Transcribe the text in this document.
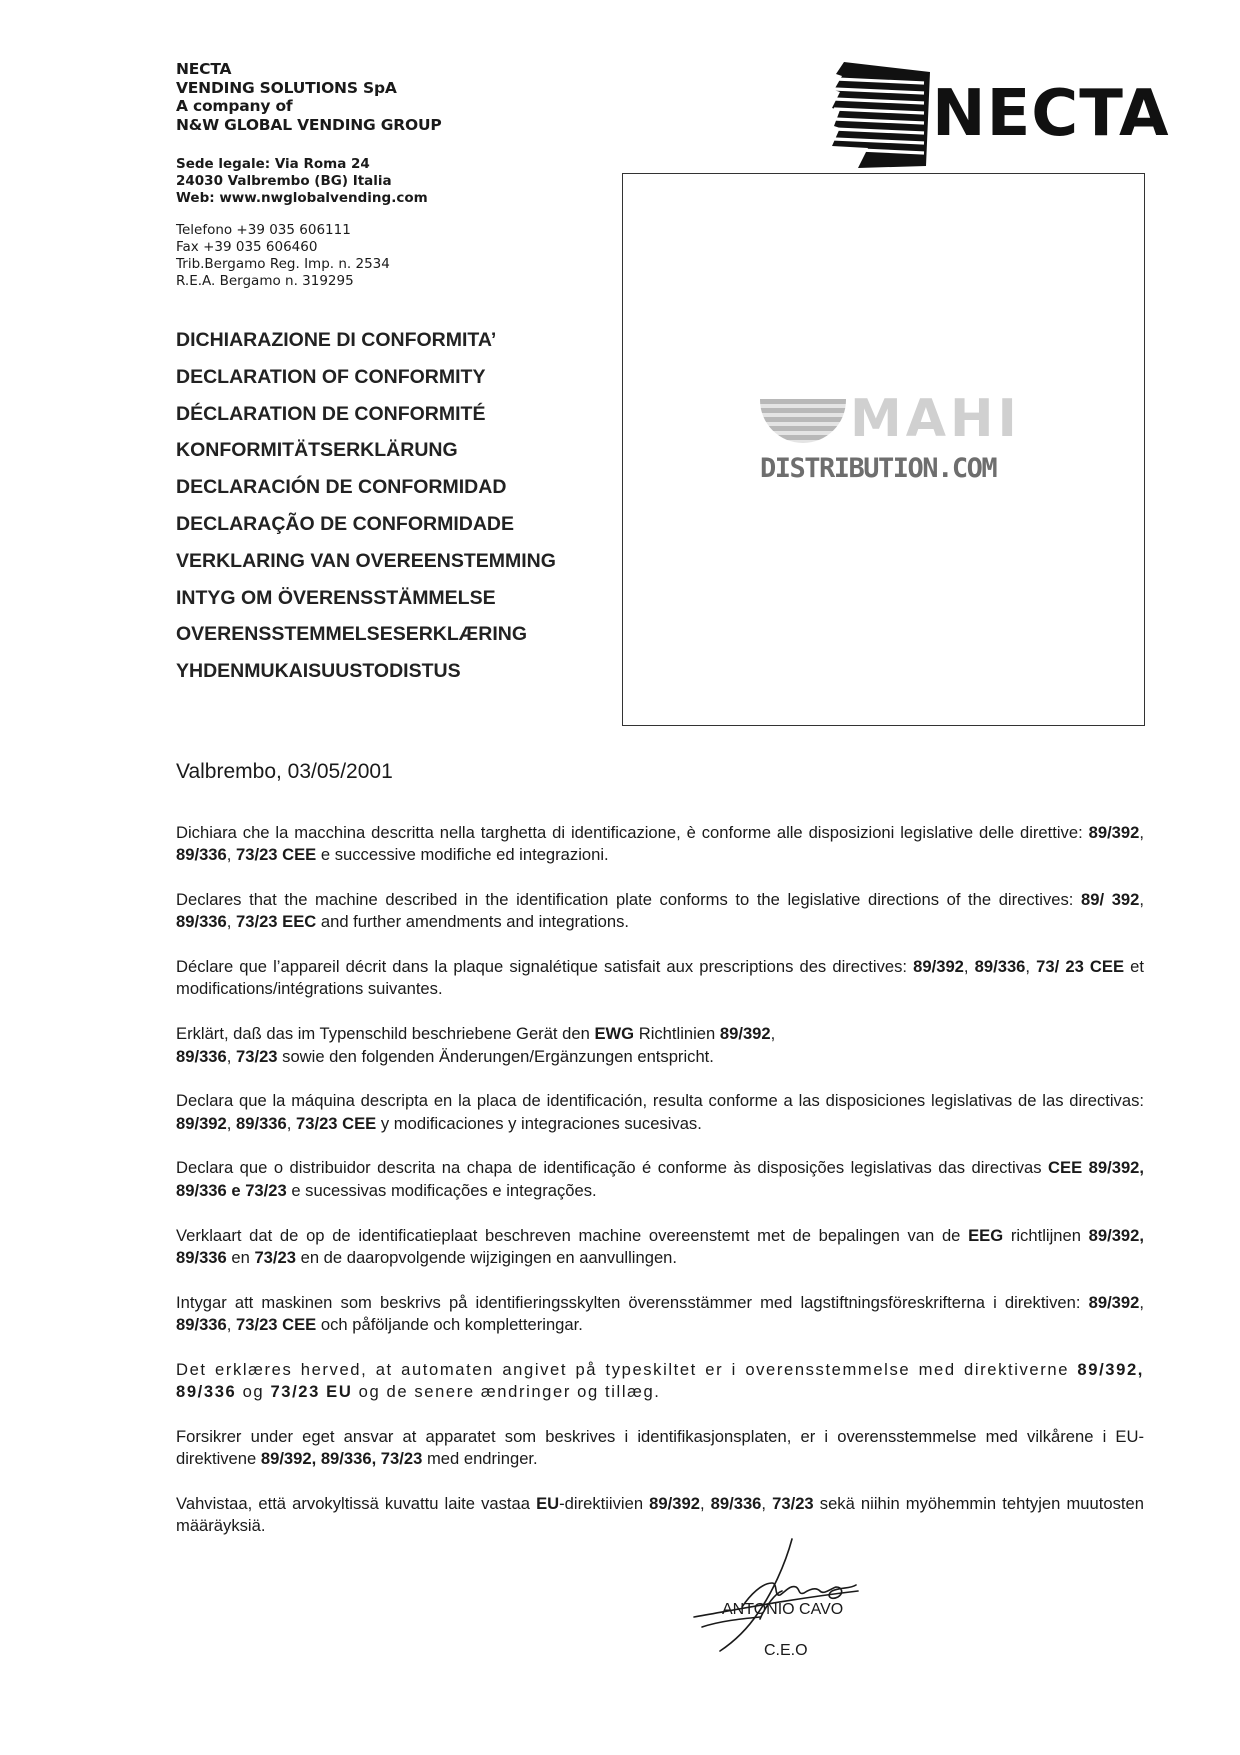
NECTA
VENDING SOLUTIONS SpA
A company of
N&W GLOBAL VENDING GROUP
Sede legale: Via Roma 24
24030 Valbrembo (BG) Italia
Web: www.nwglobalvending.com
Telefono +39 035 606111
Fax +39 035 606460
Trib.Bergamo Reg. Imp. n. 2534
R.E.A. Bergamo n. 319295
NECTA
MAHI
DISTRIBUTION.COM
DICHIARAZIONE DI CONFORMITA’
DECLARATION OF CONFORMITY
DÉCLARATION DE CONFORMITÉ
KONFORMITÄTSERKLÄRUNG
DECLARACIÓN DE CONFORMIDAD
DECLARAÇÃO DE CONFORMIDADE
VERKLARING VAN OVEREENSTEMMING
INTYG OM ÖVERENSSTÄMMELSE
OVERENSSTEMMELSESERKLÆRING
YHDENMUKAISUUSTODISTUS
Valbrembo, 03/05/2001

Dichiara che la macchina descritta nella targhetta di identificazione, è conforme alle disposizioni legislative delle direttive: 89/392, 89/336, 73/23 CEE e successive modifiche ed integrazioni.

Declares that the machine described in the identification plate conforms to the legislative directions of the directives: 89/ 392, 89/336, 73/23 EEC and further amendments and integrations.

Déclare que l’appareil décrit dans la plaque signalétique satisfait aux prescriptions des directives: 89/392, 89/336, 73/ 23 CEE et modifications/intégrations suivantes.

Erklärt, daß das im Typenschild beschriebene Gerät den EWG Richtlinien 89/392,
89/336, 73/23 sowie den folgenden Änderungen/Ergänzungen entspricht.

Declara que la máquina descripta en la placa de identificación, resulta conforme a las disposiciones legislativas de las directivas: 89/392, 89/336, 73/23 CEE y modificaciones y integraciones sucesivas.

Declara que o distribuidor descrita na chapa de identificação é conforme às disposições legislativas das directivas CEE 89/392, 89/336 e 73/23 e sucessivas modificações e integrações.

Verklaart dat de op de identificatieplaat beschreven machine overeenstemt met de bepalingen van de EEG richtlijnen 89/392, 89/336 en 73/23 en de daaropvolgende wijzigingen en aanvullingen.

Intygar att maskinen som beskrivs på identifieringsskylten överensstämmer med lagstiftningsföreskrifterna i direktiven: 89/392, 89/336, 73/23 CEE och påföljande och kompletteringar.

Det erklæres herved, at automaten angivet på typeskiltet er i overensstemmelse med direktiverne 89/392, 89/336 og 73/23 EU og de senere ændringer og tillæg.

Forsikrer under eget ansvar at apparatet som beskrives i identifikasjonsplaten, er i overensstemmelse med vilkårene i EU-direktivene 89/392, 89/336, 73/23 med endringer.

Vahvistaa, että arvokyltissä kuvattu laite vastaa EU-direktiivien 89/392, 89/336, 73/23 sekä niihin myöhemmin tehtyjen muutosten määräyksiä.

ANTONIO CAVO
C.E.O
